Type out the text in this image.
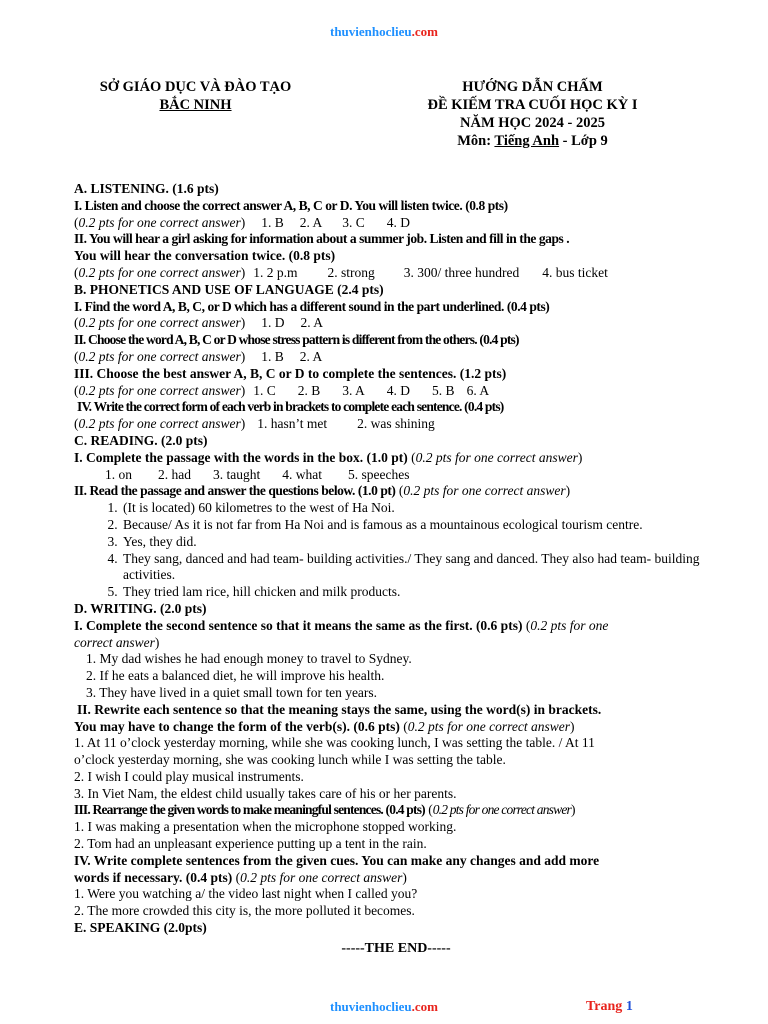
thuvienhoclieu.com
SỞ GIÁO DỤC VÀ ĐÀO TẠO
BẮC NINH
HƯỚNG DẪN CHẤM
ĐỀ KIẾM TRA CUỐI HỌC KỲ I
NĂM HỌC 2024 - 2025
Môn: Tiếng Anh - Lớp 9
A. LISTENING. (1.6 pts)
I. Listen and choose the correct answer A, B, C or D. You will listen twice. (0.8 pts)
(0.2 pts for one correct answer) 1. B 2. A 3. C 4. D
II. You will hear a girl asking for information about a summer job. Listen and fill in the gaps .
You will hear the conversation twice. (0.8 pts)
(0.2 pts for one correct answer) 1. 2 p.m 2. strong 3. 300/ three hundred 4. bus ticket
B. PHONETICS AND USE OF LANGUAGE (2.4 pts)
I. Find the word A, B, C, or D which has a different sound in the part underlined. (0.4 pts)
(0.2 pts for one correct answer) 1. D 2. A
II. Choose the word A, B, C or D whose stress pattern is different from the others. (0.4 pts)
(0.2 pts for one correct answer) 1. B 2. A
III. Choose the best answer A, B, C or D to complete the sentences. (1.2 pts)
(0.2 pts for one correct answer) 1. C 2. B 3. A 4. D 5. B 6. A
IV. Write the correct form of each verb in brackets to complete each sentence. (0.4 pts)
(0.2 pts for one correct answer) 1. hasn’t met 2. was shining
C. READING. (2.0 pts)
I. Complete the passage with the words in the box. (1.0 pt) (0.2 pts for one correct answer)
1. on 2. had 3. taught 4. what 5. speeches
II. Read the passage and answer the questions below. (1.0 pt) (0.2 pts for one correct answer)
1. (It is located) 60 kilometres to the west of Ha Noi.
2. Because/ As it is not far from Ha Noi and is famous as a mountainous ecological tourism centre.
3. Yes, they did.
4. They sang, danced and had team- building activities./ They sang and danced. They also had team- building activities.
5. They tried lam rice, hill chicken and milk products.
D. WRITING. (2.0 pts)
I. Complete the second sentence so that it means the same as the first. (0.6 pts) (0.2 pts for one
correct answer)
1. My dad wishes he had enough money to travel to Sydney.
2. If he eats a balanced diet, he will improve his health.
3. They have lived in a quiet small town for ten years.
II. Rewrite each sentence so that the meaning stays the same, using the word(s) in brackets.
You may have to change the form of the verb(s). (0.6 pts) (0.2 pts for one correct answer)
1. At 11 o’clock yesterday morning, while she was cooking lunch, I was setting the table. / At 11
o’clock yesterday morning, she was cooking lunch while I was setting the table.
2. I wish I could play musical instruments.
3. In Viet Nam, the eldest child usually takes care of his or her parents.
III. Rearrange the given words to make meaningful sentences. (0.4 pts) (0.2 pts for one correct answer)
1. I was making a presentation when the microphone stopped working.
2. Tom had an unpleasant experience putting up a tent in the rain.
IV. Write complete sentences from the given cues. You can make any changes and add more
words if necessary. (0.4 pts) (0.2 pts for one correct answer)
1. Were you watching a/ the video last night when I called you?
2. The more crowded this city is, the more polluted it becomes.
E. SPEAKING (2.0pts)
-----THE END-----
thuvienhoclieu.com	Trang 1
